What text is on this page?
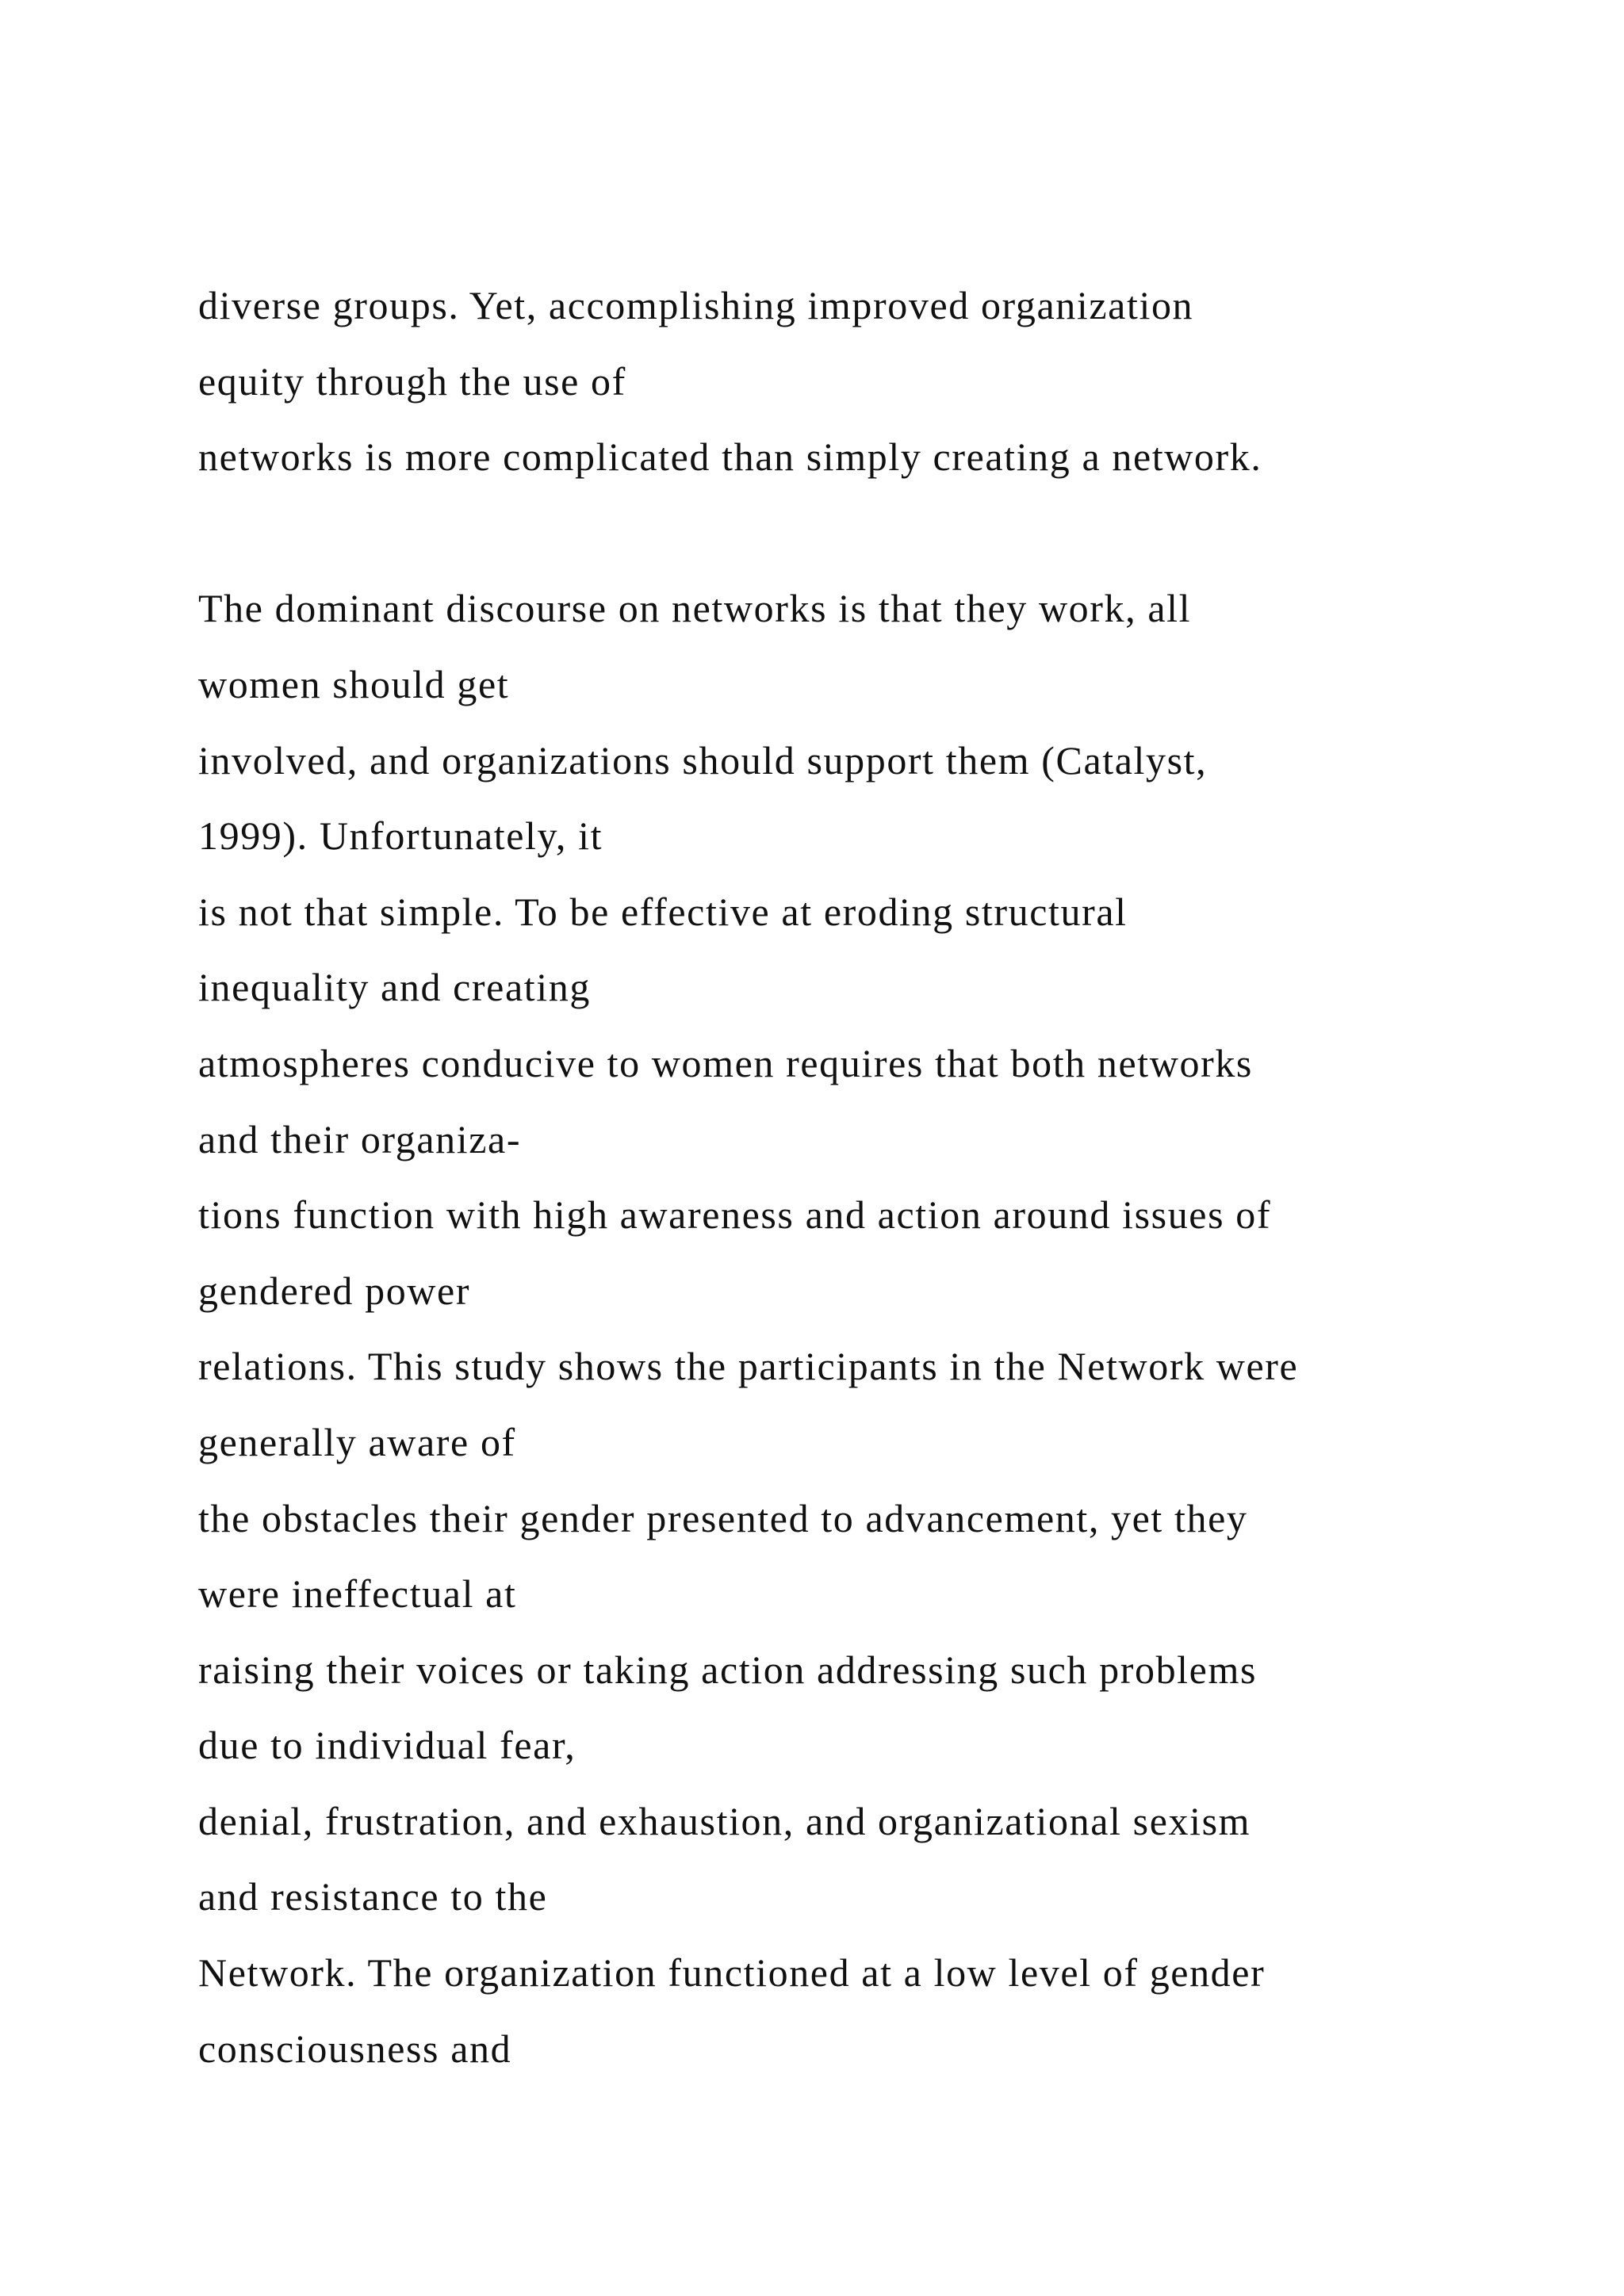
diverse groups. Yet, accomplishing improved organization
equity through the use of
networks is more complicated than simply creating a network.
The dominant discourse on networks is that they work, all
women should get
involved, and organizations should support them (Catalyst,
1999). Unfortunately, it
is not that simple. To be effective at eroding structural
inequality and creating
atmospheres conducive to women requires that both networks
and their organiza-
tions function with high awareness and action around issues of
gendered power
relations. This study shows the participants in the Network were
generally aware of
the obstacles their gender presented to advancement, yet they
were ineffectual at
raising their voices or taking action addressing such problems
due to individual fear,
denial, frustration, and exhaustion, and organizational sexism
and resistance to the
Network. The organization functioned at a low level of gender
consciousness and
